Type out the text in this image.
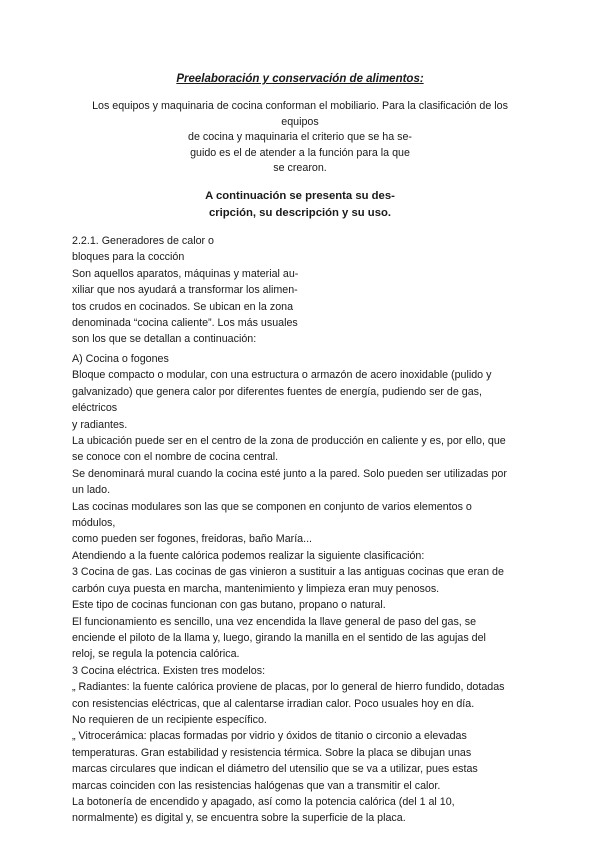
Preelaboración y conservación de alimentos:
Los equipos y maquinaria de cocina conforman el mobiliario. Para la clasificación de los
equipos
de cocina y maquinaria el criterio que se ha se-
guido es el de atender a la función para la que
se crearon.
A continuación se presenta su des-
cripción, su descripción y su uso.
2.2.1. Generadores de calor o
bloques para la cocción
Son aquellos aparatos, máquinas y material au-
xiliar que nos ayudará a transformar los alimen-
tos crudos en cocinados. Se ubican en la zona
denominada “cocina caliente”. Los más usuales
son los que se detallan a continuación:
A) Cocina o fogones
Bloque compacto o modular, con una estructura o armazón de acero inoxidable (pulido y
galvanizado) que genera calor por diferentes fuentes de energía, pudiendo ser de gas,
eléctricos
y radiantes.
La ubicación puede ser en el centro de la zona de producción en caliente y es, por ello, que
se conoce con el nombre de cocina central.
Se denominará mural cuando la cocina esté junto a la pared. Solo pueden ser utilizadas por
un lado.
Las cocinas modulares son las que se componen en conjunto de varios elementos o
módulos,
como pueden ser fogones, freidoras, baño María...
Atendiendo a la fuente calórica podemos realizar la siguiente clasificación:
3 Cocina de gas. Las cocinas de gas vinieron a sustituir a las antiguas cocinas que eran de
carbón cuya puesta en marcha, mantenimiento y limpieza eran muy penosos.
Este tipo de cocinas funcionan con gas butano, propano o natural.
El funcionamiento es sencillo, una vez encendida la llave general de paso del gas, se
enciende el piloto de la llama y, luego, girando la manilla en el sentido de las agujas del
reloj, se regula la potencia calórica.
3 Cocina eléctrica. Existen tres modelos:
„ Radiantes: la fuente calórica proviene de placas, por lo general de hierro fundido, dotadas
con resistencias eléctricas, que al calentarse irradian calor. Poco usuales hoy en día.
No requieren de un recipiente específico.
„ Vitrocerámica: placas formadas por vidrio y óxidos de titanio o circonio a elevadas
temperaturas. Gran estabilidad y resistencia térmica. Sobre la placa se dibujan unas
marcas circulares que indican el diámetro del utensilio que se va a utilizar, pues estas
marcas coinciden con las resistencias halógenas que van a transmitir el calor.
La botonería de encendido y apagado, así como la potencia calórica (del 1 al 10,
normalmente) es digital y, se encuentra sobre la superficie de la placa.
